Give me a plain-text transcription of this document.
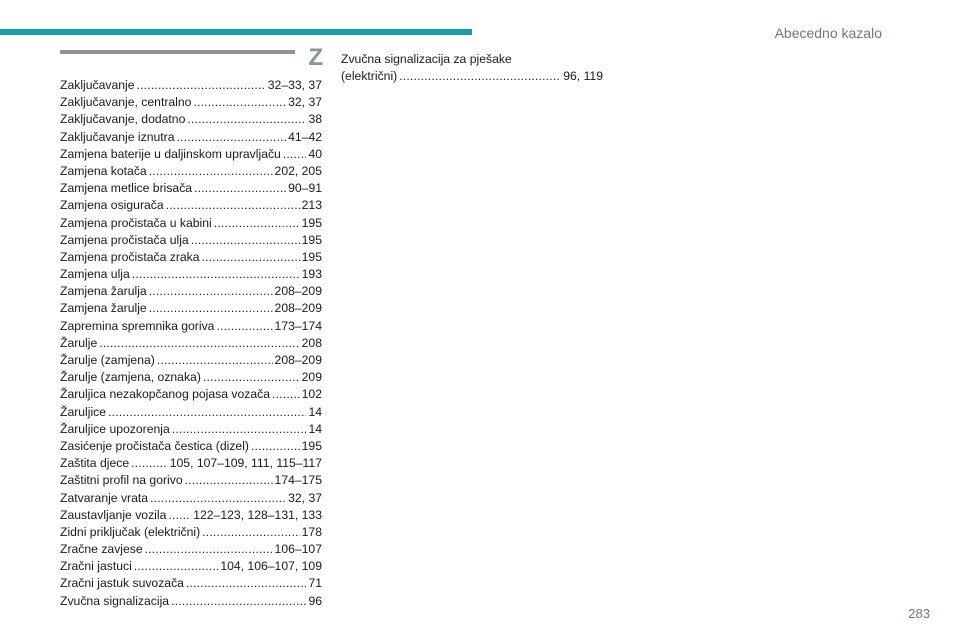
Abecedno kazalo
Z
Zaključavanje . . .	32–33, 37
Zaključavanje, centralno . . .	32, 37
Zaključavanje, dodatno . . .	38
Zaključavanje iznutra . . .	41–42
Zamjena baterije u daljinskom upravljaču . . . 40
Zamjena kotača . . .	202, 205
Zamjena metlice brisača . . .	90–91
Zamjena osigurača . . .	213
Zamjena pročistača u kabini . . .	195
Zamjena pročistača ulja . . .	195
Zamjena pročistača zraka . . .	195
Zamjena ulja . . .	193
Zamjena žarulja . . .	208–209
Zamjena žarulje . . .	208–209
Zapremina spremnika goriva . . .	173–174
Žarulje . . .	208
Žarulje (zamjena) . . .	208–209
Žarulje (zamjena, oznaka) . . .	209
Žaruljica nezakopčanog pojasa vozača . . .	102
Žaruljice . . .	14
Žaruljice upozorenja . . .	14
Zasićenje pročistača čestica (dizel) . . .	195
Zaštita djece . . .	105, 107–109, 111, 115–117
Zaštitni profil na gorivo . . .	174–175
Zatvaranje vrata . . .	32, 37
Zaustavljanje vozila . . . 122–123, 128–131, 133
Zidni priključak (električni) . . .	178
Zračne zavjese . . .	106–107
Zračni jastuci . . .	104, 106–107, 109
Zračni jastuk suvozača . . .	71
Zvučna signalizacija . . .	96
Zvučna signalizacija za pješake
(električni) . . .	96, 119
283
